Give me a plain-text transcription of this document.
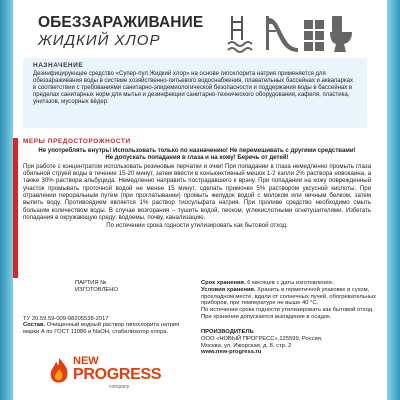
ОБЕЗЗАРАЖИВАНИЕ
ЖИДКИЙ ХЛОР
НАЗНАЧЕНИЕ
Дезинфицирующее средство «Супер-пул Жидкий хлор» на основе гипохлорита натрия применяется для обеззараживания воды в системе хозяйственно-питьевого водоснабжения, плавательных бассейнах и аквапарках в соответствии с требованиями санитарно-эпидемиологической безопасности и поддержания воды в бассейнах в пределах санитарных норм для мытья и дезинфекции санитарно-технического оборудования, кафеля, пластика, унитазов, мусорных вёдер.
МЕРЫ ПРЕДОСТОРОЖНОСТИ
Не употреблять внутрь! Использовать только по назначению! Не перемешивать с другими средствами!
Не допускать попадания в глаза и на кожу! Беречь от детей!
При работе с концентратом использовать резиновые перчатки и очки! При попадании в глаза немедленно промыть глаза обильной струей воды в течение 15-20 минут, затем ввести в конъюнктивный мешок 1-2 капли 2% раствора новокаина, а также 30% раствора альбуцида. Немедленно направить пострадавшего к врачу. При попадании на кожу поврежденный участок промывать проточной водой не менее 15 минут, сделать примочки 5% раствором уксусной кислоты. При отравлении пероральным путем (при проглатывании) промыть желудок водой с молоком или яичным белком, затем выпить воду. Противоядием является 1% раствор тиосульфата натрия. При проливе средство необходимо смыть большим количеством воды. В случае возгорания – тушить водой, песком, углекислотными огнетушителями. Избегать попадания в окружающую среду: водоемы, почву, канализацию.
По истечении срока годности утилизировать как бытовой отход.
ПАРТИЯ №
ИЗГОТОВЛЕНО
ТУ 20.59.59-009-98205538-2017
Состав. Очищенный водный раствор гипохлорита натрия марки А по ГОСТ 11086 и NaOH, стабилизатор хлора.
Срок хранения. 6 месяцев с даты изготовления.
Условия хранения. Хранить в герметичной упаковке в сухом, прохладном месте, вдали от солнечных лучей, обогревательных приборов, при температуре не выше 40 °С.
По истечении срока годности утилизировать как бытовой отход.
При хранении допускается выпадение в осадок.
ПРОИЗВОДИТЕЛЬ
ООО «НОВЫЙ ПРОГРЕСС»,125599, Россия,
Москва, ул. Ижорская, д. 8, стр. 2
www.new-progress.ru
NEW
PROGRESS
company
